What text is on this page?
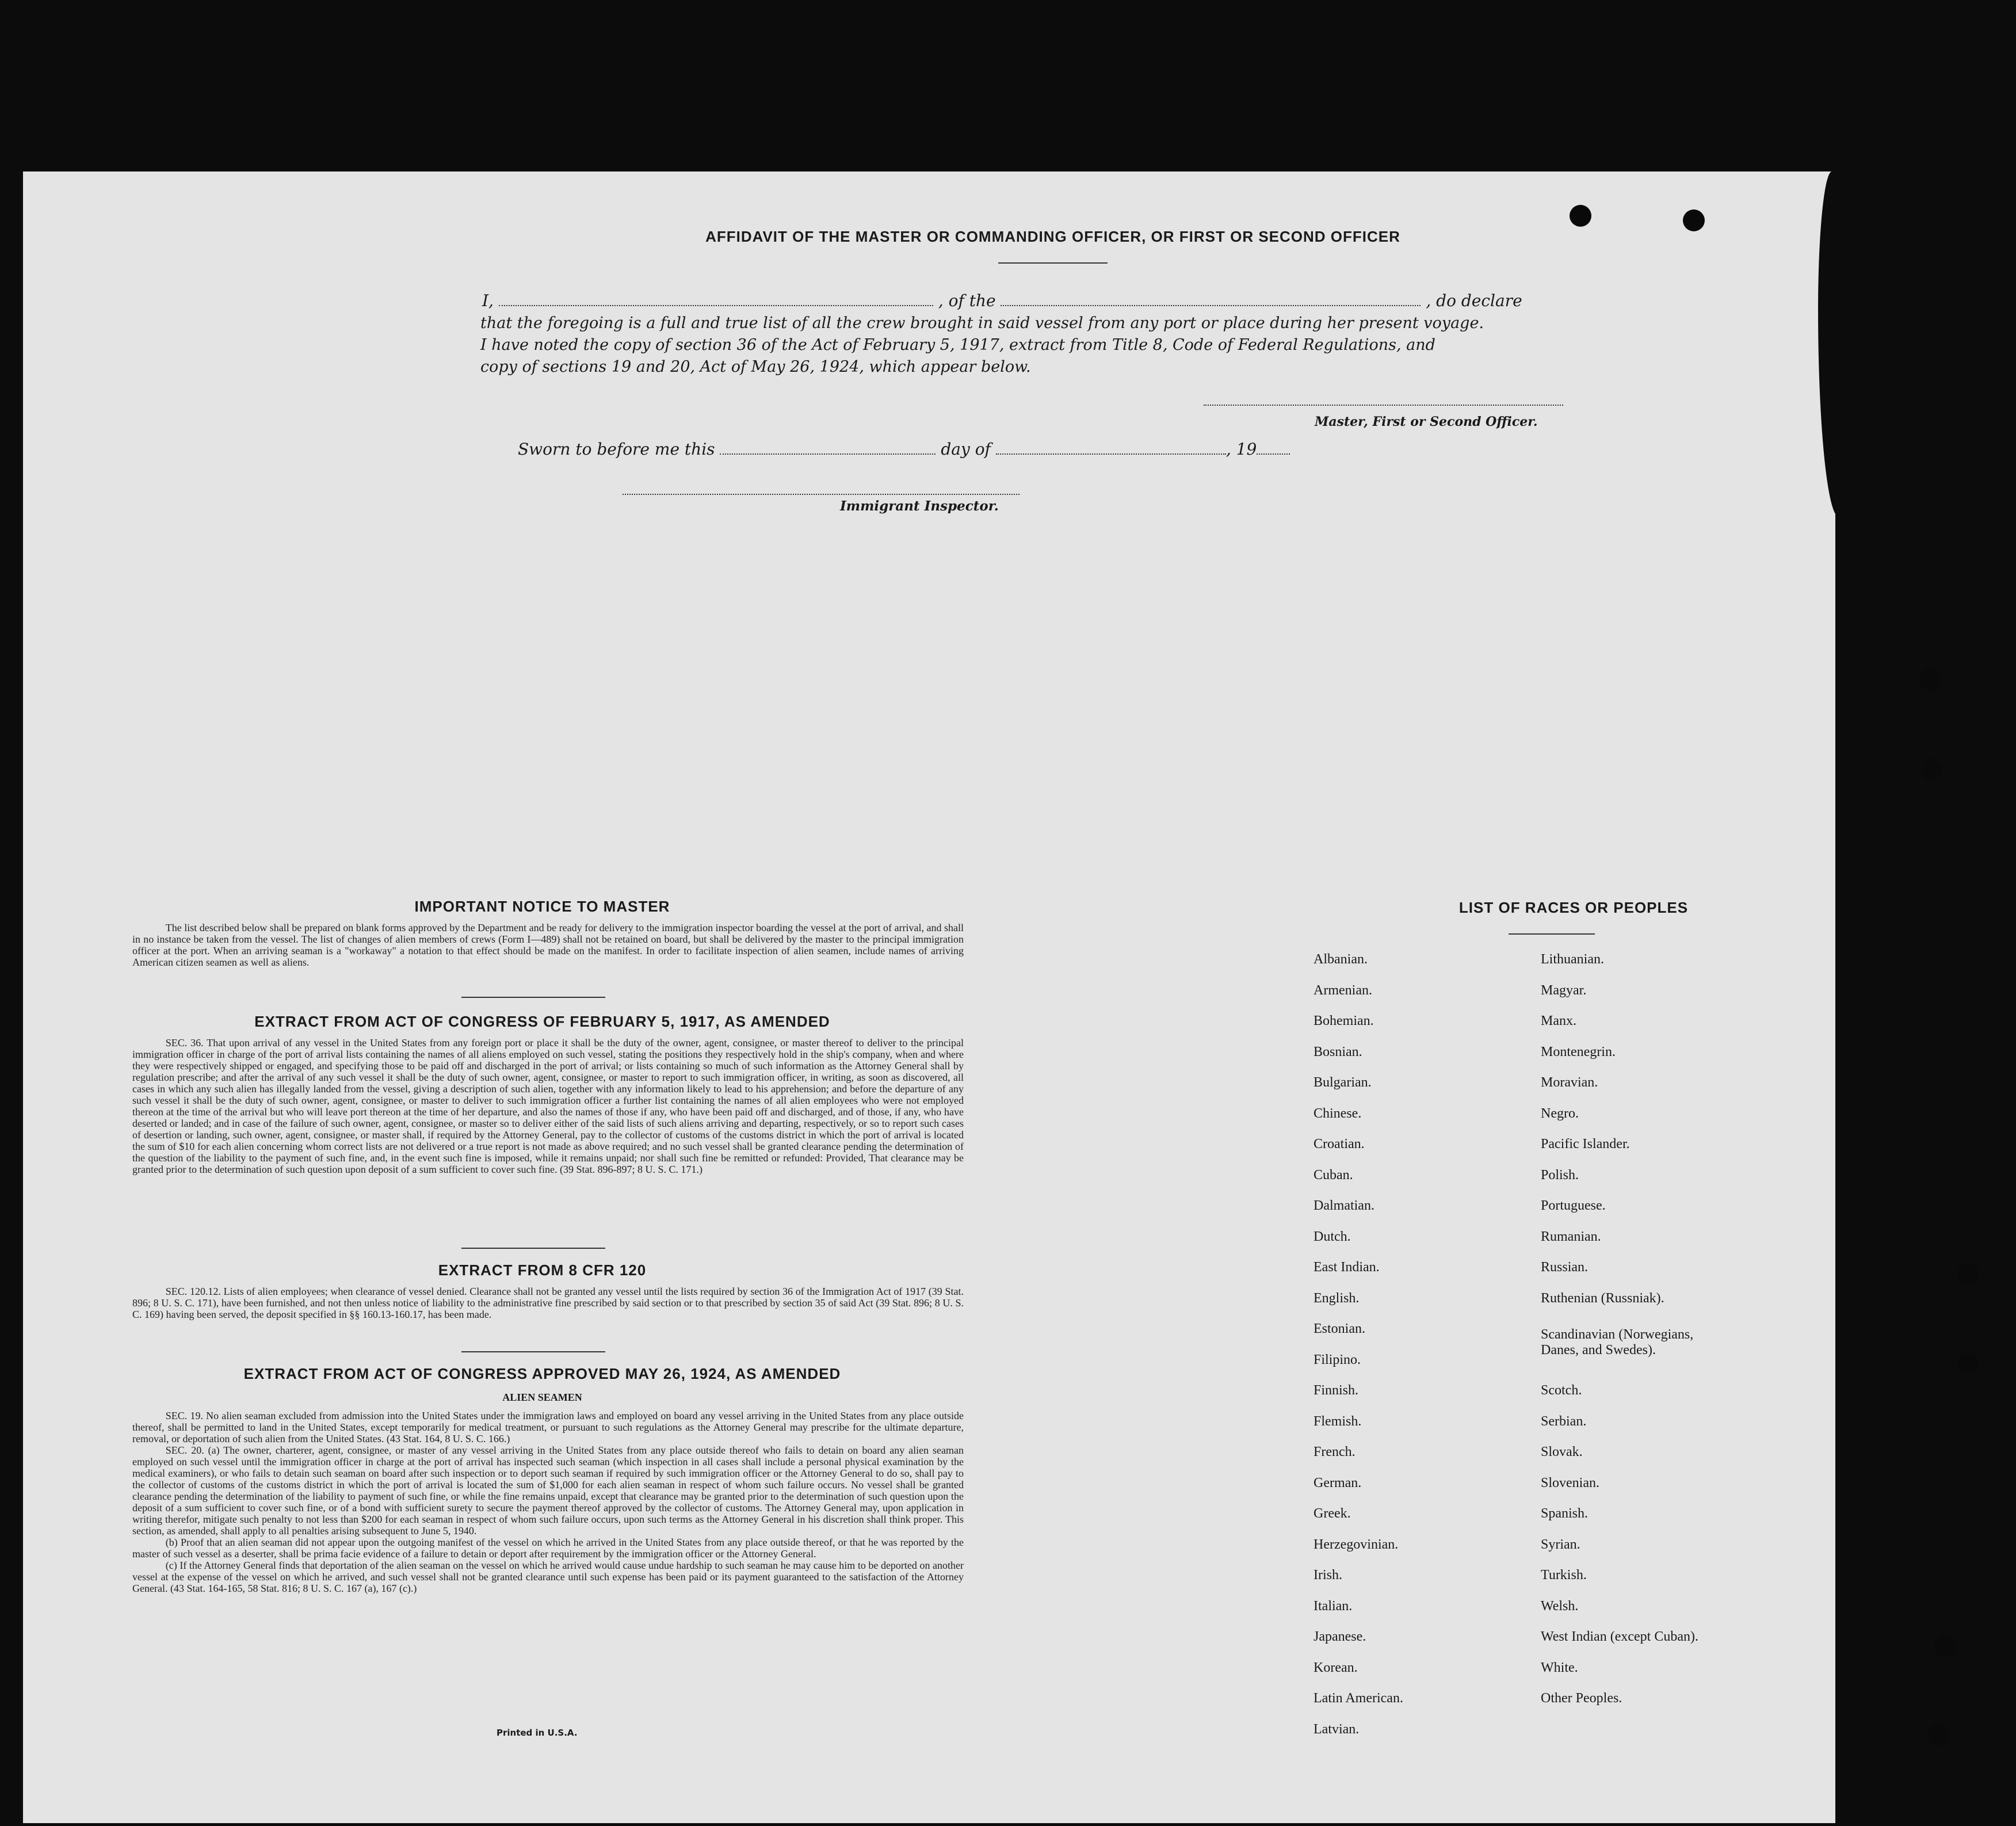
AFFIDAVIT OF THE MASTER OR COMMANDING OFFICER, OR FIRST OR SECOND OFFICER
I,	, of the	, do declare
that the foregoing is a full and true list of all the crew brought in said vessel from any port or place during her present voyage.
I have noted the copy of section 36 of the Act of February 5, 1917, extract from Title 8, Code of Federal Regulations, and
copy of sections 19 and 20, Act of May 26, 1924, which appear below.
Master, First or Second Officer.
Sworn to before me this	day of	, 19
Immigrant Inspector.
IMPORTANT NOTICE TO MASTER
The list described below shall be prepared on blank forms approved by the Department and be ready for delivery to the immigration inspector boarding the vessel at the port of arrival, and shall in no instance be taken from the vessel. The list of changes of alien members of crews (Form I—489) shall not be retained on board, but shall be delivered by the master to the principal immigration officer at the port. When an arriving seaman is a "workaway" a notation to that effect should be made on the manifest. In order to facilitate inspection of alien seamen, include names of arriving American citizen seamen as well as aliens.
EXTRACT FROM ACT OF CONGRESS OF FEBRUARY 5, 1917, AS AMENDED
SEC. 36. That upon arrival of any vessel in the United States from any foreign port or place it shall be the duty of the owner, agent, consignee, or master thereof to deliver to the principal immigration officer in charge of the port of arrival lists containing the names of all aliens employed on such vessel, stating the positions they respectively hold in the ship's company, when and where they were respectively shipped or engaged, and specifying those to be paid off and discharged in the port of arrival; or lists containing so much of such information as the Attorney General shall by regulation prescribe; and after the arrival of any such vessel it shall be the duty of such owner, agent, consignee, or master to report to such immigration officer, in writing, as soon as discovered, all cases in which any such alien has illegally landed from the vessel, giving a description of such alien, together with any information likely to lead to his apprehension; and before the departure of any such vessel it shall be the duty of such owner, agent, consignee, or master to deliver to such immigration officer a further list containing the names of all alien employees who were not employed thereon at the time of the arrival but who will leave port thereon at the time of her departure, and also the names of those if any, who have been paid off and discharged, and of those, if any, who have deserted or landed; and in case of the failure of such owner, agent, consignee, or master so to deliver either of the said lists of such aliens arriving and departing, respectively, or so to report such cases of desertion or landing, such owner, agent, consignee, or master shall, if required by the Attorney General, pay to the collector of customs of the customs district in which the port of arrival is located the sum of $10 for each alien concerning whom correct lists are not delivered or a true report is not made as above required; and no such vessel shall be granted clearance pending the determination of the question of the liability to the payment of such fine, and, in the event such fine is imposed, while it remains unpaid; nor shall such fine be remitted or refunded: Provided, That clearance may be granted prior to the determination of such question upon deposit of a sum sufficient to cover such fine. (39 Stat. 896-897; 8 U. S. C. 171.)
EXTRACT FROM 8 CFR 120
SEC. 120.12. Lists of alien employees; when clearance of vessel denied. Clearance shall not be granted any vessel until the lists required by section 36 of the Immigration Act of 1917 (39 Stat. 896; 8 U. S. C. 171), have been furnished, and not then unless notice of liability to the administrative fine prescribed by said section or to that prescribed by section 35 of said Act (39 Stat. 896; 8 U. S. C. 169) having been served, the deposit specified in §§ 160.13-160.17, has been made.
EXTRACT FROM ACT OF CONGRESS APPROVED MAY 26, 1924, AS AMENDED
ALIEN SEAMEN
SEC. 19. No alien seaman excluded from admission into the United States under the immigration laws and employed on board any vessel arriving in the United States from any place outside thereof, shall be permitted to land in the United States, except temporarily for medical treatment, or pursuant to such regulations as the Attorney General may prescribe for the ultimate departure, removal, or deportation of such alien from the United States. (43 Stat. 164, 8 U. S. C. 166.)
SEC. 20. (a) The owner, charterer, agent, consignee, or master of any vessel arriving in the United States from any place outside thereof who fails to detain on board any alien seaman employed on such vessel until the immigration officer in charge at the port of arrival has inspected such seaman (which inspection in all cases shall include a personal physical examination by the medical examiners), or who fails to detain such seaman on board after such inspection or to deport such seaman if required by such immigration officer or the Attorney General to do so, shall pay to the collector of customs of the customs district in which the port of arrival is located the sum of $1,000 for each alien seaman in respect of whom such failure occurs. No vessel shall be granted clearance pending the determination of the liability to payment of such fine, or while the fine remains unpaid, except that clearance may be granted prior to the determination of such question upon the deposit of a sum sufficient to cover such fine, or of a bond with sufficient surety to secure the payment thereof approved by the collector of customs. The Attorney General may, upon application in writing therefor, mitigate such penalty to not less than $200 for each seaman in respect of whom such failure occurs, upon such terms as the Attorney General in his discretion shall think proper. This section, as amended, shall apply to all penalties arising subsequent to June 5, 1940.
(b) Proof that an alien seaman did not appear upon the outgoing manifest of the vessel on which he arrived in the United States from any place outside thereof, or that he was reported by the master of such vessel as a deserter, shall be prima facie evidence of a failure to detain or deport after requirement by the immigration officer or the Attorney General.
(c) If the Attorney General finds that deportation of the alien seaman on the vessel on which he arrived would cause undue hardship to such seaman he may cause him to be deported on another vessel at the expense of the vessel on which he arrived, and such vessel shall not be granted clearance until such expense has been paid or its payment guaranteed to the satisfaction of the Attorney General. (43 Stat. 164-165, 58 Stat. 816; 8 U. S. C. 167 (a), 167 (c).)
Printed in U.S.A.
LIST OF RACES OR PEOPLES
Albanian.
Armenian.
Bohemian.
Bosnian.
Bulgarian.
Chinese.
Croatian.
Cuban.
Dalmatian.
Dutch.
East Indian.
English.
Estonian.
Filipino.
Finnish.
Flemish.
French.
German.
Greek.
Herzegovinian.
Irish.
Italian.
Japanese.
Korean.
Latin American.
Latvian.
Lithuanian.
Magyar.
Manx.
Montenegrin.
Moravian.
Negro.
Pacific Islander.
Polish.
Portuguese.
Rumanian.
Russian.
Ruthenian (Russniak).
Scandinavian (Norwegians, Danes, and Swedes).
Scotch.
Serbian.
Slovak.
Slovenian.
Spanish.
Syrian.
Turkish.
Welsh.
West Indian (except Cuban).
White.
Other Peoples.
